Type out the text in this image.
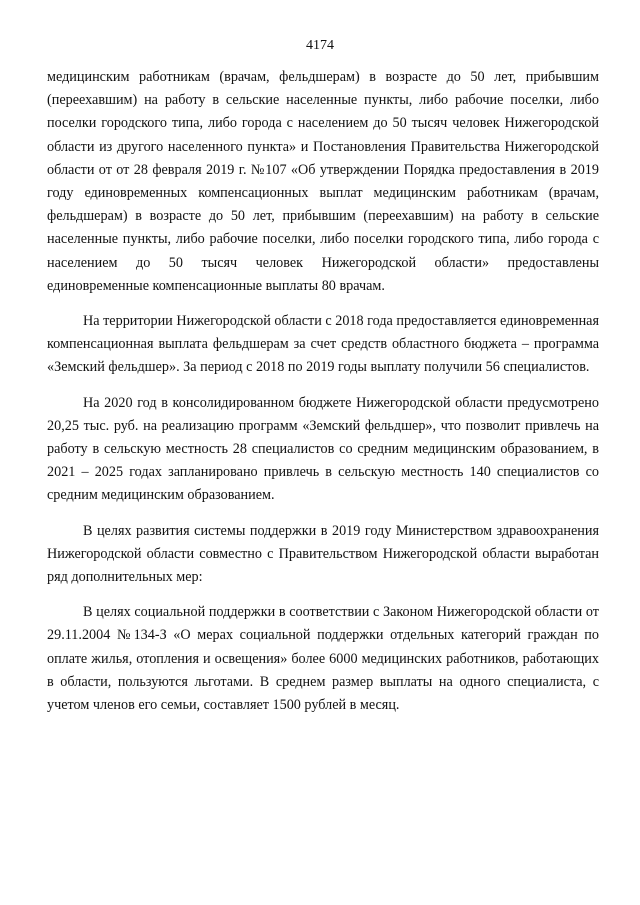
4174

медицинским работникам (врачам, фельдшерам) в возрасте до 50 лет, прибывшим (переехавшим) на работу в сельские населенные пункты, либо рабочие поселки, либо поселки городского типа, либо города с населением до 50 тысяч человек Нижегородской области из другого населенного пункта» и Постановления Правительства Нижегородской области от от 28 февраля 2019 г. №107 «Об утверждении Порядка предоставления в 2019 году единовременных компенсационных выплат медицинским работникам (врачам, фельдшерам) в возрасте до 50 лет, прибывшим (переехавшим) на работу в сельские населенные пункты, либо рабочие поселки, либо поселки городского типа, либо города с населением до 50 тысяч человек Нижегородской области» предоставлены единовременные компенсационные выплаты 80 врачам.

На территории Нижегородской области с 2018 года предоставляется единовременная компенсационная выплата фельдшерам за счет средств областного бюджета – программа «Земский фельдшер». За период с 2018 по 2019 годы выплату получили 56 специалистов.

На 2020 год в консолидированном бюджете Нижегородской области предусмотрено 20,25 тыс. руб. на реализацию программ «Земский фельдшер», что позволит привлечь на работу в сельскую местность 28 специалистов со средним медицинским образованием, в 2021 – 2025 годах запланировано привлечь в сельскую местность 140 специалистов со средним медицинским образованием.

В целях развития системы поддержки в 2019 году Министерством здравоохранения Нижегородской области совместно с Правительством Нижегородской области выработан ряд дополнительных мер:

В целях социальной поддержки в соответствии с Законом Нижегородской области от 29.11.2004 №134-З «О мерах социальной поддержки отдельных категорий граждан по оплате жилья, отопления и освещения» более 6000 медицинских работников, работающих в области, пользуются льготами. В среднем размер выплаты на одного специалиста, с учетом членов его семьи, составляет 1500 рублей в месяц.
